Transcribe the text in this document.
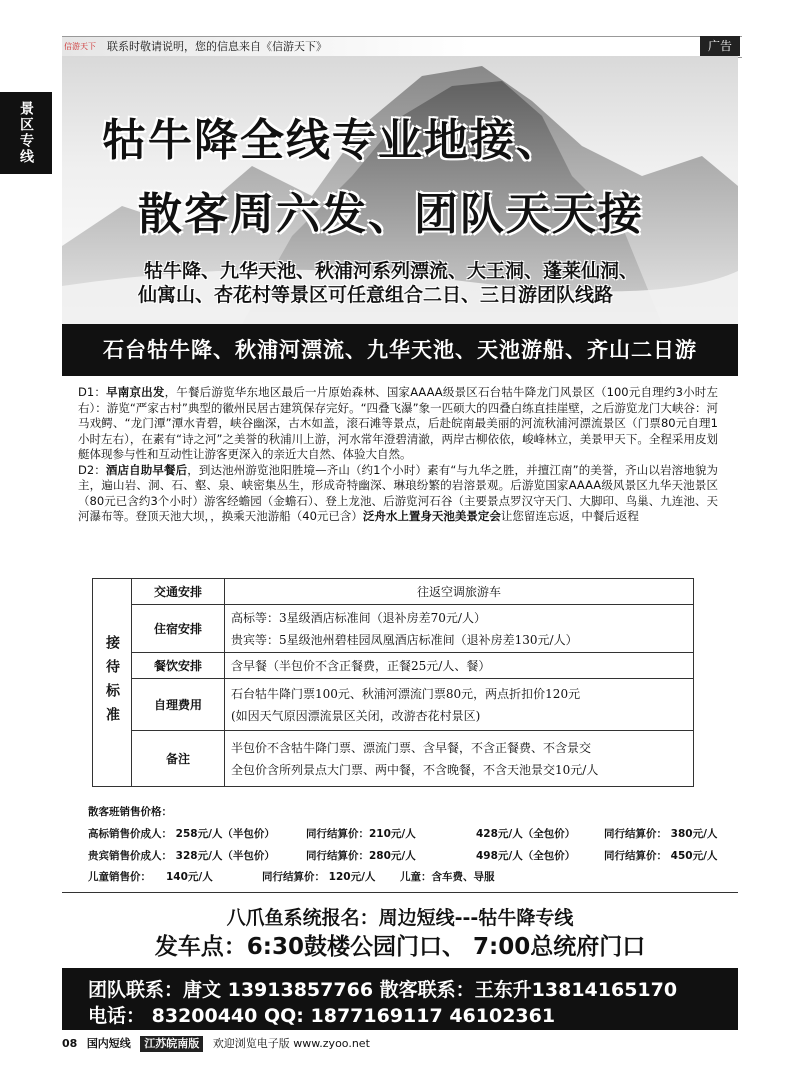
信游天下	联系时敬请说明，您的信息来自《信游天下》	广告
景区专线	牯牛降全线专业地接、
散客周六发、团队天天接
牯牛降、九华天池、秋浦河系列漂流、大王洞、蓬莱仙洞、
仙寓山、杏花村等景区可任意组合二日、三日游团队线路
石台牯牛降、秋浦河漂流、九华天池、天池游船、齐山二日游

D1：早南京出发，午餐后游览华东地区最后一片原始森林、国家AAAA级景区石台牯牛降龙门风景区（100元自理约3小时左右）：游览“严家古村”典型的徽州民居古建筑保存完好。“四叠飞瀑”象一匹硕大的四叠白练直挂崖壁，之后游览龙门大峡谷：河马戏鳄、“龙门潭”潭水青碧，峡谷幽深，古木如盖，滚石滩等景点，后赴皖南最美丽的河流秋浦河漂流景区（门票80元自理1小时左右），在素有“诗之河”之美誉的秋浦川上游，河水常年澄碧清澈，两岸古柳依依，峻峰林立，美景甲天下。全程采用皮划艇体现参与性和互动性让游客更深入的亲近大自然、体验大自然。

D2：酒店自助早餐后，到达池州游览池阳胜境—齐山（约1个小时）素有“与九华之胜，并擅江南”的美誉，齐山以岩溶地貌为主，遍山岩、洞、石、壑、泉、峡密集丛生，形成奇特幽深、琳琅纷繁的岩溶景观。后游览国家AAAA级风景区九华天池景区（80元已含约3个小时）游客经蟾园（金蟾石）、登上龙池、后游览河石谷（主要景点罗汉守天门、大脚印、鸟巢、九连池、天河瀑布等。登顶天池大坝，，换乘天池游船（40元已含）泛舟水上置身天池美景定会让您留连忘返，中餐后返程

接待标准	交通安排	往返空调旅游车

	住宿安排	高标等：3星级酒店标准间（退补房差70元/人）
贵宾等：5星级池州碧桂园凤凰酒店标准间（退补房差130元/人）

	餐饮安排	含早餐（半包价不含正餐费，正餐25元/人、餐）

	自理费用	石台牯牛降门票100元、秋浦河漂流门票80元，两点折扣价120元
(如因天气原因漂流景区关闭，改游杏花村景区)

	备注	半包价不含牯牛降门票、漂流门票、含早餐，不含正餐费、不含景交
全包价含所列景点大门票、两中餐，不含晚餐，不含天池景交10元/人
散客班销售价格：
高标销售价成人： 258元/人（半包价）	同行结算价：210元/人	428元/人（全包价）	同行结算价： 380元/人
贵宾销售价成人： 328元/人（半包价）	同行结算价：280元/人	498元/人（全包价）	同行结算价： 450元/人
儿童销售价： 140元/人	同行结算价： 120元/人 儿童：含车费、导服
八爪鱼系统报名：周边短线---牯牛降专线
发车点：6:30鼓楼公园门口、 7:00总统府门口
团队联系：唐文 13913857766 散客联系：王东升13814165170
电话： 83200440 QQ: 1877169117 46102361
08 国内短线 江苏皖南版 欢迎浏览电子版 www.zyoo.net
